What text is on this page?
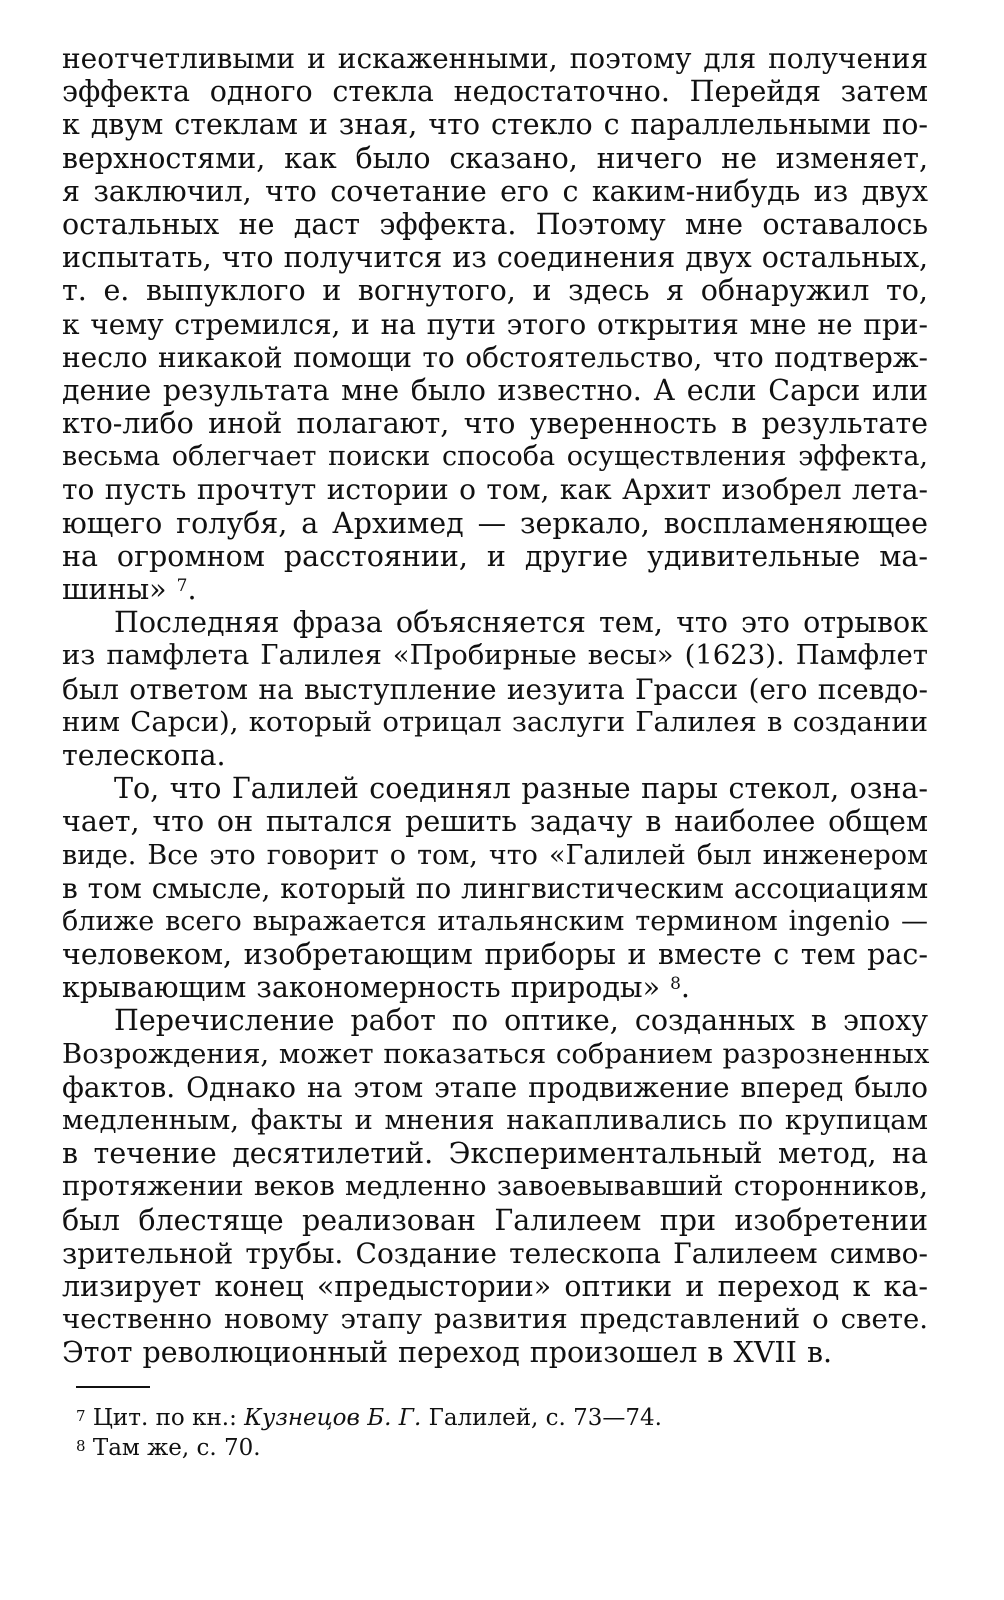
неотчетливыми и искаженными, поэтому для получения
эффекта одного стекла недостаточно. Перейдя затем
к двум стеклам и зная, что стекло с параллельными по-
верхностями, как было сказано, ничего не изменяет,
я заключил, что сочетание его с каким-нибудь из двух
остальных не даст эффекта. Поэтому мне оставалось
испытать, что получится из соединения двух остальных,
т. е. выпуклого и вогнутого, и здесь я обнаружил то,
к чему стремился, и на пути этого открытия мне не при-
несло никакой помощи то обстоятельство, что подтверж-
дение результата мне было известно. А если Сарси или
кто-либо иной полагают, что уверенность в результате
весьма облегчает поиски способа осуществления эффекта,
то пусть прочтут истории о том, как Архит изобрел лета-
ющего голубя, а Архимед — зеркало, воспламеняющее
на огромном расстоянии, и другие удивительные ма-
шины» $^7$.
Последняя фраза объясняется тем, что это отрывок
из памфлета Галилея «Пробирные весы» (1623). Памфлет
был ответом на выступление иезуита Грасси (его псевдо-
ним Сарси), который отрицал заслуги Галилея в создании
телескопа.
То, что Галилей соединял разные пары стекол, озна-
чает, что он пытался решить задачу в наиболее общем
виде. Все это говорит о том, что «Галилей был инженером
в том смысле, который по лингвистическим ассоциациям
ближе всего выражается итальянским термином ingenio —
человеком, изобретающим приборы и вместе с тем рас-
крывающим закономерность природы» $^8$.
Перечисление работ по оптике, созданных в эпоху
Возрождения, может показаться собранием разрозненных
фактов. Однако на этом этапе продвижение вперед было
медленным, факты и мнения накапливались по крупицам
в течение десятилетий. Экспериментальный метод, на
протяжении веков медленно завоевывавший сторонников,
был блестяще реализован Галилеем при изобретении
зрительной трубы. Создание телескопа Галилеем симво-
лизирует конец «предыстории» оптики и переход к ка-
чественно новому этапу развития представлений о свете.
Этот революционный переход произошел в XVII в.
$^7$ Цит. по кн.: Кузнецов Б. Г. Галилей, с. 73—74.
$^8$ Там же, с. 70.
